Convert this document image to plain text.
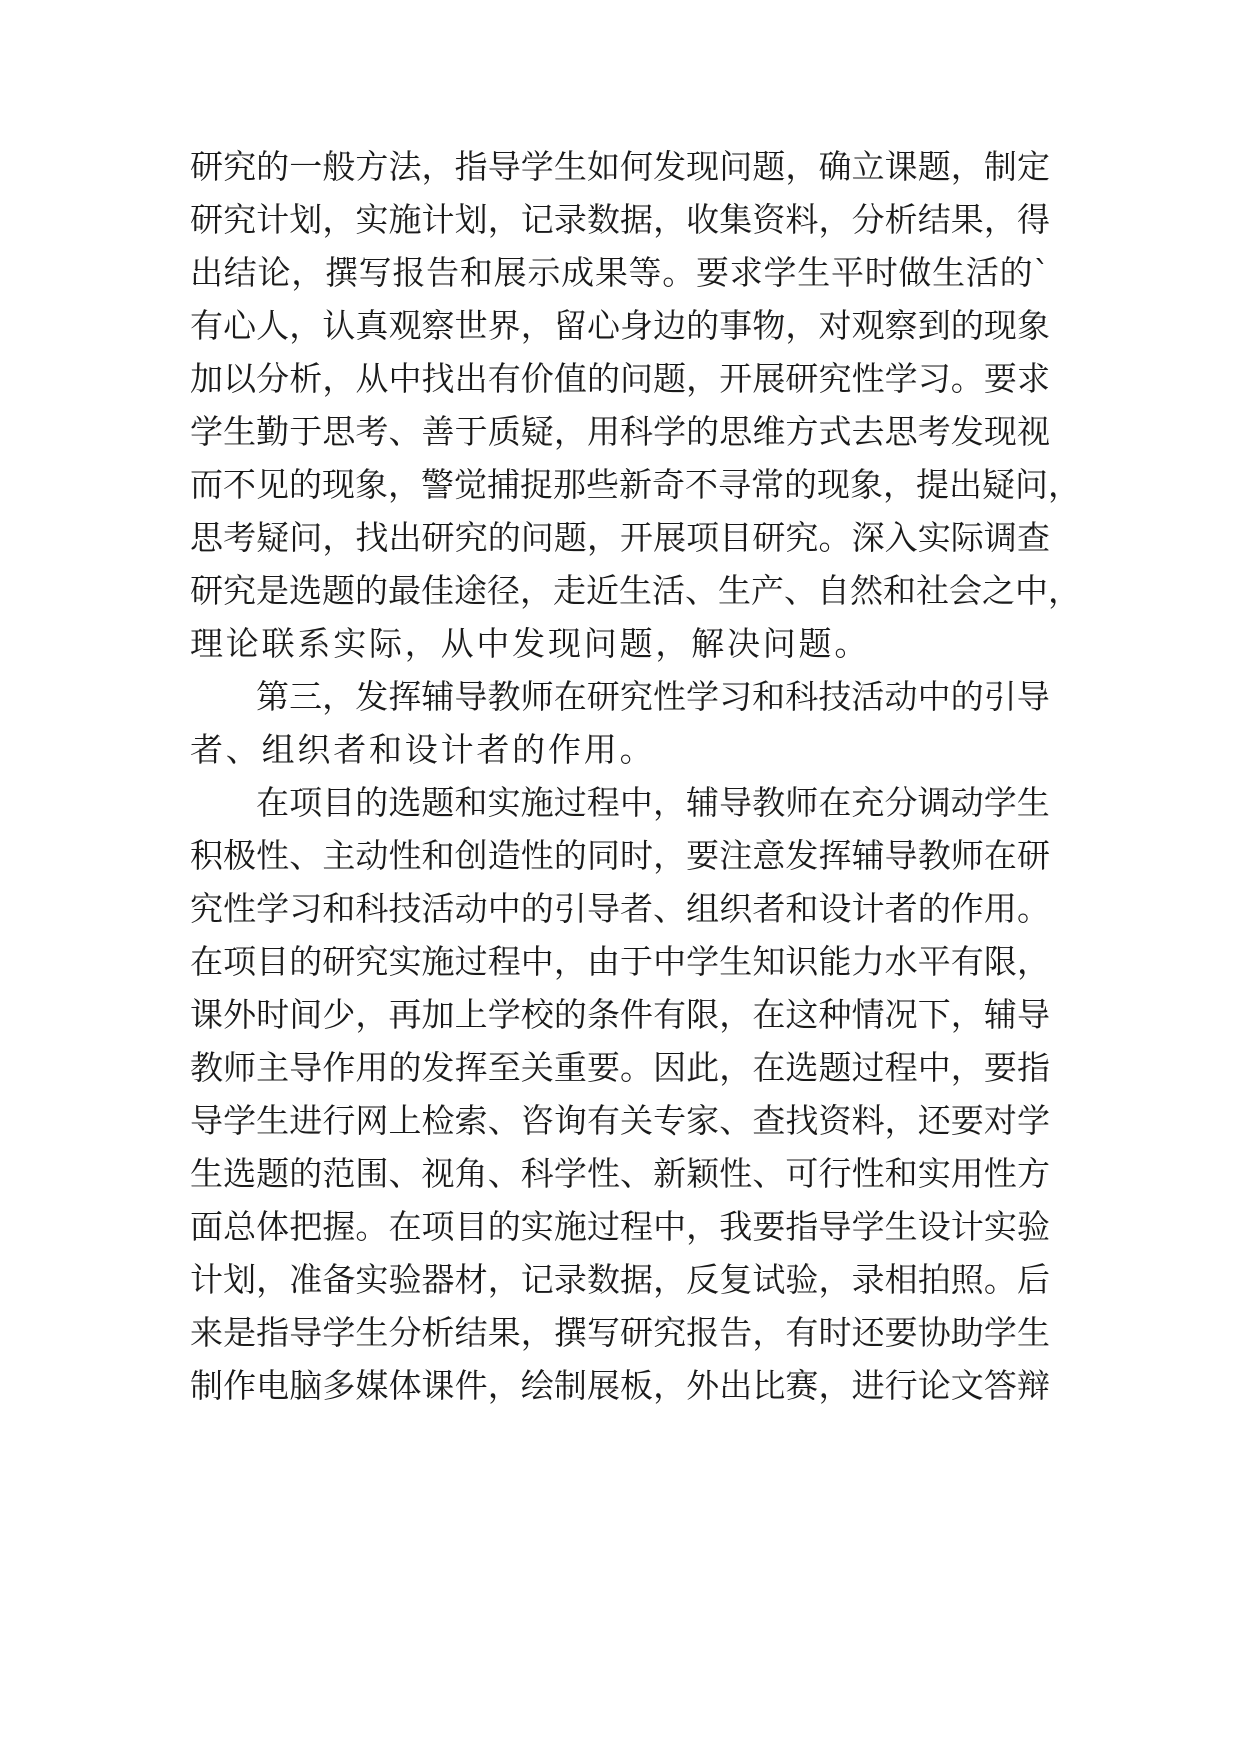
研 究 的 一 般 方 法 ， 指 导 学 生 如 何 发 现 问 题 ， 确 立 课 题 ， 制 定
研 究 计 划 ， 实 施 计 划 ， 记 录 数 据 ， 收 集 资 料 ， 分 析 结 果 ， 得
出 结 论 ， 撰 写 报 告 和 展 示 成 果 等 。 要 求 学 生 平 时 做 生 活 的 `
有 心 人 ， 认 真 观 察 世 界 ， 留 心 身 边 的 事 物 ， 对 观 察 到 的 现 象
加 以 分 析 ， 从 中 找 出 有 价 值 的 问 题 ， 开 展 研 究 性 学 习 。 要 求
学 生 勤 于 思 考 、 善 于 质 疑 ， 用 科 学 的 思 维 方 式 去 思 考 发 现 视
而 不 见 的 现 象 ， 警 觉 捕 捉 那 些 新 奇 不 寻 常 的 现 象 ， 提 出 疑 问 ，
思 考 疑 问 ， 找 出 研 究 的 问 题 ， 开 展 项 目 研 究 。 深 入 实 际 调 查
研 究 是 选 题 的 最 佳 途 径 ， 走 近 生 活 、 生 产 、 自 然 和 社 会 之 中 ，
理 论 联 系 实 际 ， 从 中 发 现 问 题 ， 解 决 问 题 。
第 三 ， 发 挥 辅 导 教 师 在 研 究 性 学 习 和 科 技 活 动 中 的 引 导
者 、 组 织 者 和 设 计 者 的 作 用 。
在 项 目 的 选 题 和 实 施 过 程 中 ， 辅 导 教 师 在 充 分 调 动 学 生
积 极 性 、 主 动 性 和 创 造 性 的 同 时 ， 要 注 意 发 挥 辅 导 教 师 在 研
究 性 学 习 和 科 技 活 动 中 的 引 导 者 、 组 织 者 和 设 计 者 的 作 用 。
在 项 目 的 研 究 实 施 过 程 中 ， 由 于 中 学 生 知 识 能 力 水 平 有 限 ，
课 外 时 间 少 ， 再 加 上 学 校 的 条 件 有 限 ， 在 这 种 情 况 下 ， 辅 导
教 师 主 导 作 用 的 发 挥 至 关 重 要 。 因 此 ， 在 选 题 过 程 中 ， 要 指
导 学 生 进 行 网 上 检 索 、 咨 询 有 关 专 家 、 查 找 资 料 ， 还 要 对 学
生 选 题 的 范 围 、 视 角 、 科 学 性 、 新 颖 性 、 可 行 性 和 实 用 性 方
面 总 体 把 握 。 在 项 目 的 实 施 过 程 中 ， 我 要 指 导 学 生 设 计 实 验
计 划 ， 准 备 实 验 器 材 ， 记 录 数 据 ， 反 复 试 验 ， 录 相 拍 照 。 后
来 是 指 导 学 生 分 析 结 果 ， 撰 写 研 究 报 告 ， 有 时 还 要 协 助 学 生
制 作 电 脑 多 媒 体 课 件 ， 绘 制 展 板 ， 外 出 比 赛 ， 进 行 论 文 答 辩
